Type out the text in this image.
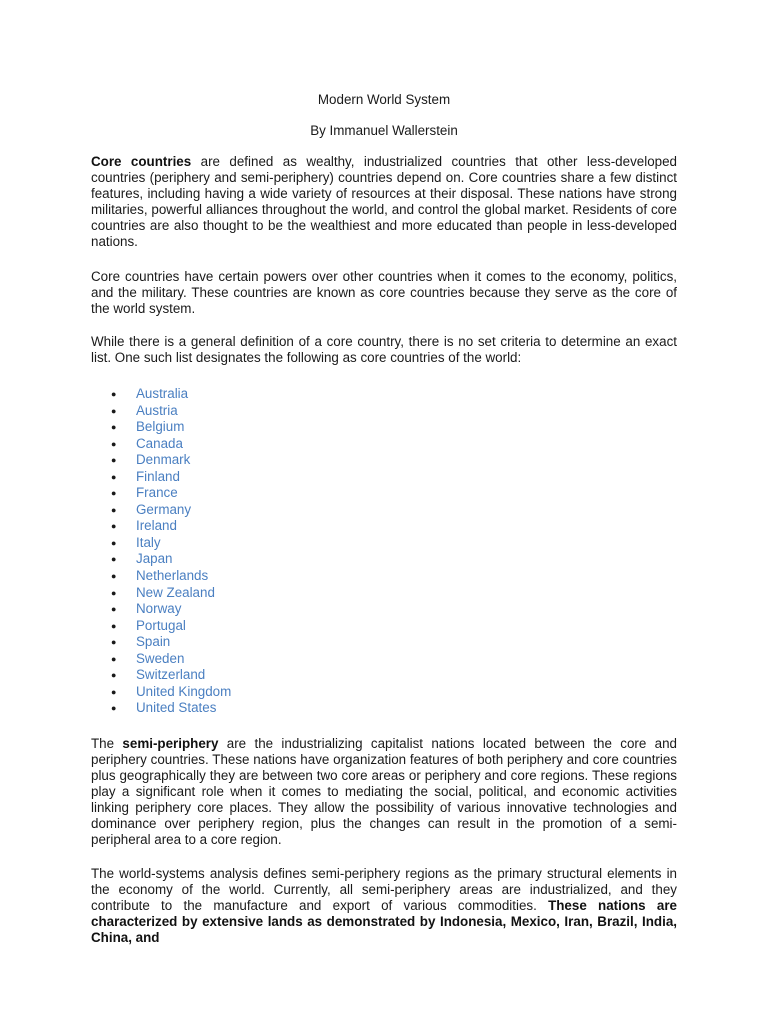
Modern World System

By Immanuel Wallerstein

Core countries are defined as wealthy, industrialized countries that other less-developed countries (periphery and semi-periphery) countries depend on. Core countries share a few distinct features, including having a wide variety of resources at their disposal. These nations have strong militaries, powerful alliances throughout the world, and control the global market. Residents of core countries are also thought to be the wealthiest and more educated than people in less-developed nations.

Core countries have certain powers over other countries when it comes to the economy, politics, and the military. These countries are known as core countries because they serve as the core of the world system.

While there is a general definition of a core country, there is no set criteria to determine an exact list. One such list designates the following as core countries of the world:

● Australia
● Austria
● Belgium
● Canada
● Denmark
● Finland
● France
● Germany
● Ireland
● Italy
● Japan
● Netherlands
● New Zealand
● Norway
● Portugal
● Spain
● Sweden
● Switzerland
● United Kingdom
● United States

The semi-periphery are the industrializing capitalist nations located between the core and periphery countries. These nations have organization features of both periphery and core countries plus geographically they are between two core areas or periphery and core regions. These regions play a significant role when it comes to mediating the social, political, and economic activities linking periphery core places. They allow the possibility of various innovative technologies and dominance over periphery region, plus the changes can result in the promotion of a semi-peripheral area to a core region.

The world-systems analysis defines semi-periphery regions as the primary structural elements in the economy of the world. Currently, all semi-periphery areas are industrialized, and they contribute to the manufacture and export of various commodities. These nations are characterized by extensive lands as demonstrated by Indonesia, Mexico, Iran, Brazil, India, China, and
